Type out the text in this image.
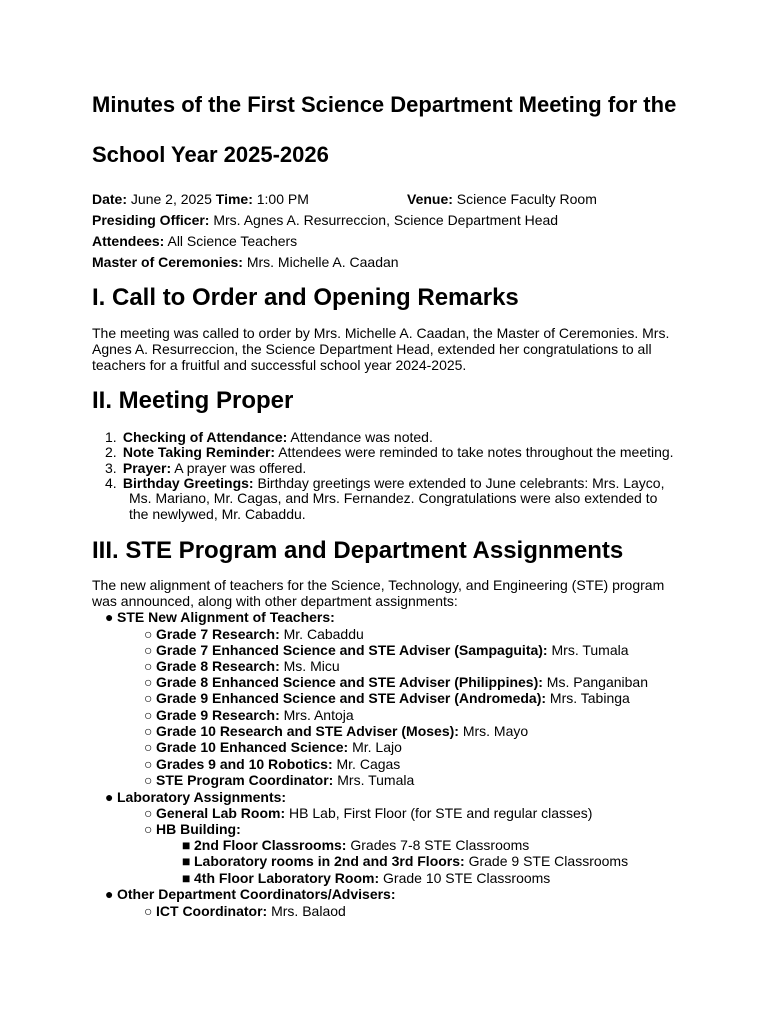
Minutes of the First Science Department Meeting for the
School Year 2025-2026
Date: June 2, 2025 Time: 1:00 PM	Venue: Science Faculty Room
Presiding Officer: Mrs. Agnes A. Resurreccion, Science Department Head
Attendees: All Science Teachers
Master of Ceremonies: Mrs. Michelle A. Caadan
I. Call to Order and Opening Remarks
The meeting was called to order by Mrs. Michelle A. Caadan, the Master of Ceremonies. Mrs.
Agnes A. Resurreccion, the Science Department Head, extended her congratulations to all
teachers for a fruitful and successful school year 2024-2025.
II. Meeting Proper
1. Checking of Attendance: Attendance was noted.
2. Note Taking Reminder: Attendees were reminded to take notes throughout the meeting.
3. Prayer: A prayer was offered.
4. Birthday Greetings: Birthday greetings were extended to June celebrants: Mrs. Layco,
Ms. Mariano, Mr. Cagas, and Mrs. Fernandez. Congratulations were also extended to
the newlywed, Mr. Cabaddu.
III. STE Program and Department Assignments
The new alignment of teachers for the Science, Technology, and Engineering (STE) program
was announced, along with other department assignments:
● STE New Alignment of Teachers:
○ Grade 7 Research: Mr. Cabaddu
○ Grade 7 Enhanced Science and STE Adviser (Sampaguita): Mrs. Tumala
○ Grade 8 Research: Ms. Micu
○ Grade 8 Enhanced Science and STE Adviser (Philippines): Ms. Panganiban
○ Grade 9 Enhanced Science and STE Adviser (Andromeda): Mrs. Tabinga
○ Grade 9 Research: Mrs. Antoja
○ Grade 10 Research and STE Adviser (Moses): Mrs. Mayo
○ Grade 10 Enhanced Science: Mr. Lajo
○ Grades 9 and 10 Robotics: Mr. Cagas
○ STE Program Coordinator: Mrs. Tumala
● Laboratory Assignments:
○ General Lab Room: HB Lab, First Floor (for STE and regular classes)
○ HB Building:
■ 2nd Floor Classrooms: Grades 7-8 STE Classrooms
■ Laboratory rooms in 2nd and 3rd Floors: Grade 9 STE Classrooms
■ 4th Floor Laboratory Room: Grade 10 STE Classrooms
● Other Department Coordinators/Advisers:
○ ICT Coordinator: Mrs. Balaod
